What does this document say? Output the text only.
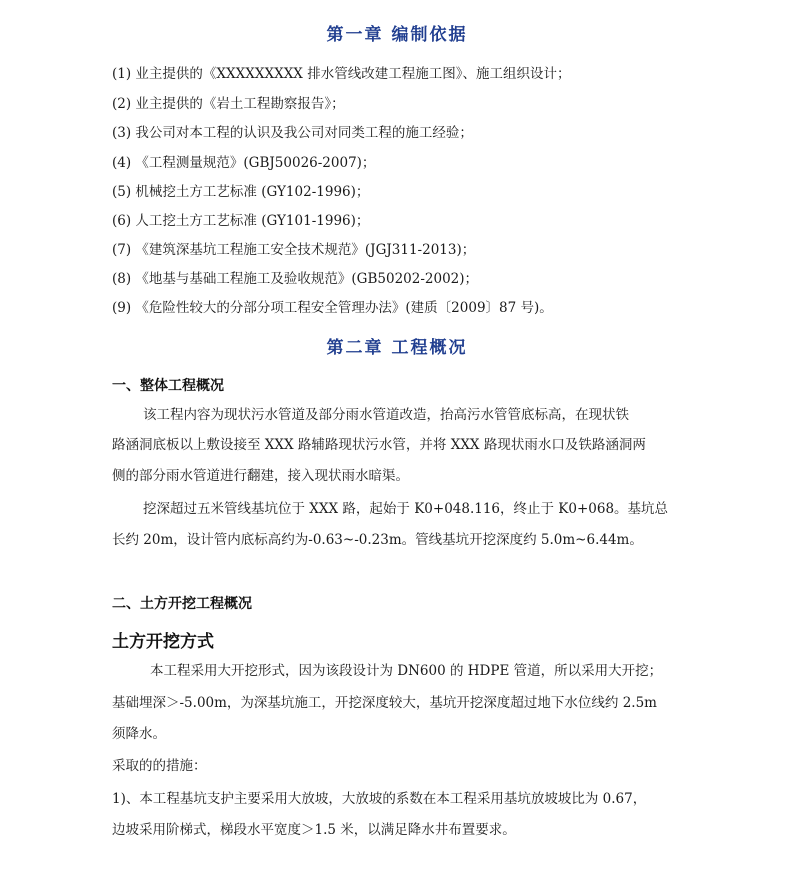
第一章 编制依据
(1) 业主提供的《XXXXXXXXX 排水管线改建工程施工图》、施工组织设计；
(2) 业主提供的《岩土工程勘察报告》；
(3) 我公司对本工程的认识及我公司对同类工程的施工经验；
(4) 《工程测量规范》(GBJ50026-2007)；
(5) 机械挖土方工艺标准 (GY102-1996)；
(6) 人工挖土方工艺标准 (GY101-1996)；
(7) 《建筑深基坑工程施工安全技术规范》(JGJ311-2013)；
(8) 《地基与基础工程施工及验收规范》(GB50202-2002)；
(9) 《危险性较大的分部分项工程安全管理办法》(建质〔2009〕87 号)。
第二章 工程概况
一、整体工程概况
该工程内容为现状污水管道及部分雨水管道改造，抬高污水管管底标高，在现状铁
路涵洞底板以上敷设接至 XXX 路辅路现状污水管，并将 XXX 路现状雨水口及铁路涵洞两
侧的部分雨水管道进行翻建，接入现状雨水暗渠。
挖深超过五米管线基坑位于 XXX 路，起始于 K0+048.116，终止于 K0+068。基坑总
长约 20m，设计管内底标高约为-0.63~-0.23m。管线基坑开挖深度约 5.0m~6.44m。
二、土方开挖工程概况
土方开挖方式
本工程采用大开挖形式，因为该段设计为 DN600 的 HDPE 管道，所以采用大开挖；
基础埋深＞-5.00m，为深基坑施工，开挖深度较大，基坑开挖深度超过地下水位线约 2.5m
须降水。
采取的的措施：
1)、本工程基坑支护主要采用大放坡，大放坡的系数在本工程采用基坑放坡坡比为 0.67，
边坡采用阶梯式，梯段水平宽度＞1.5 米，以满足降水井布置要求。
